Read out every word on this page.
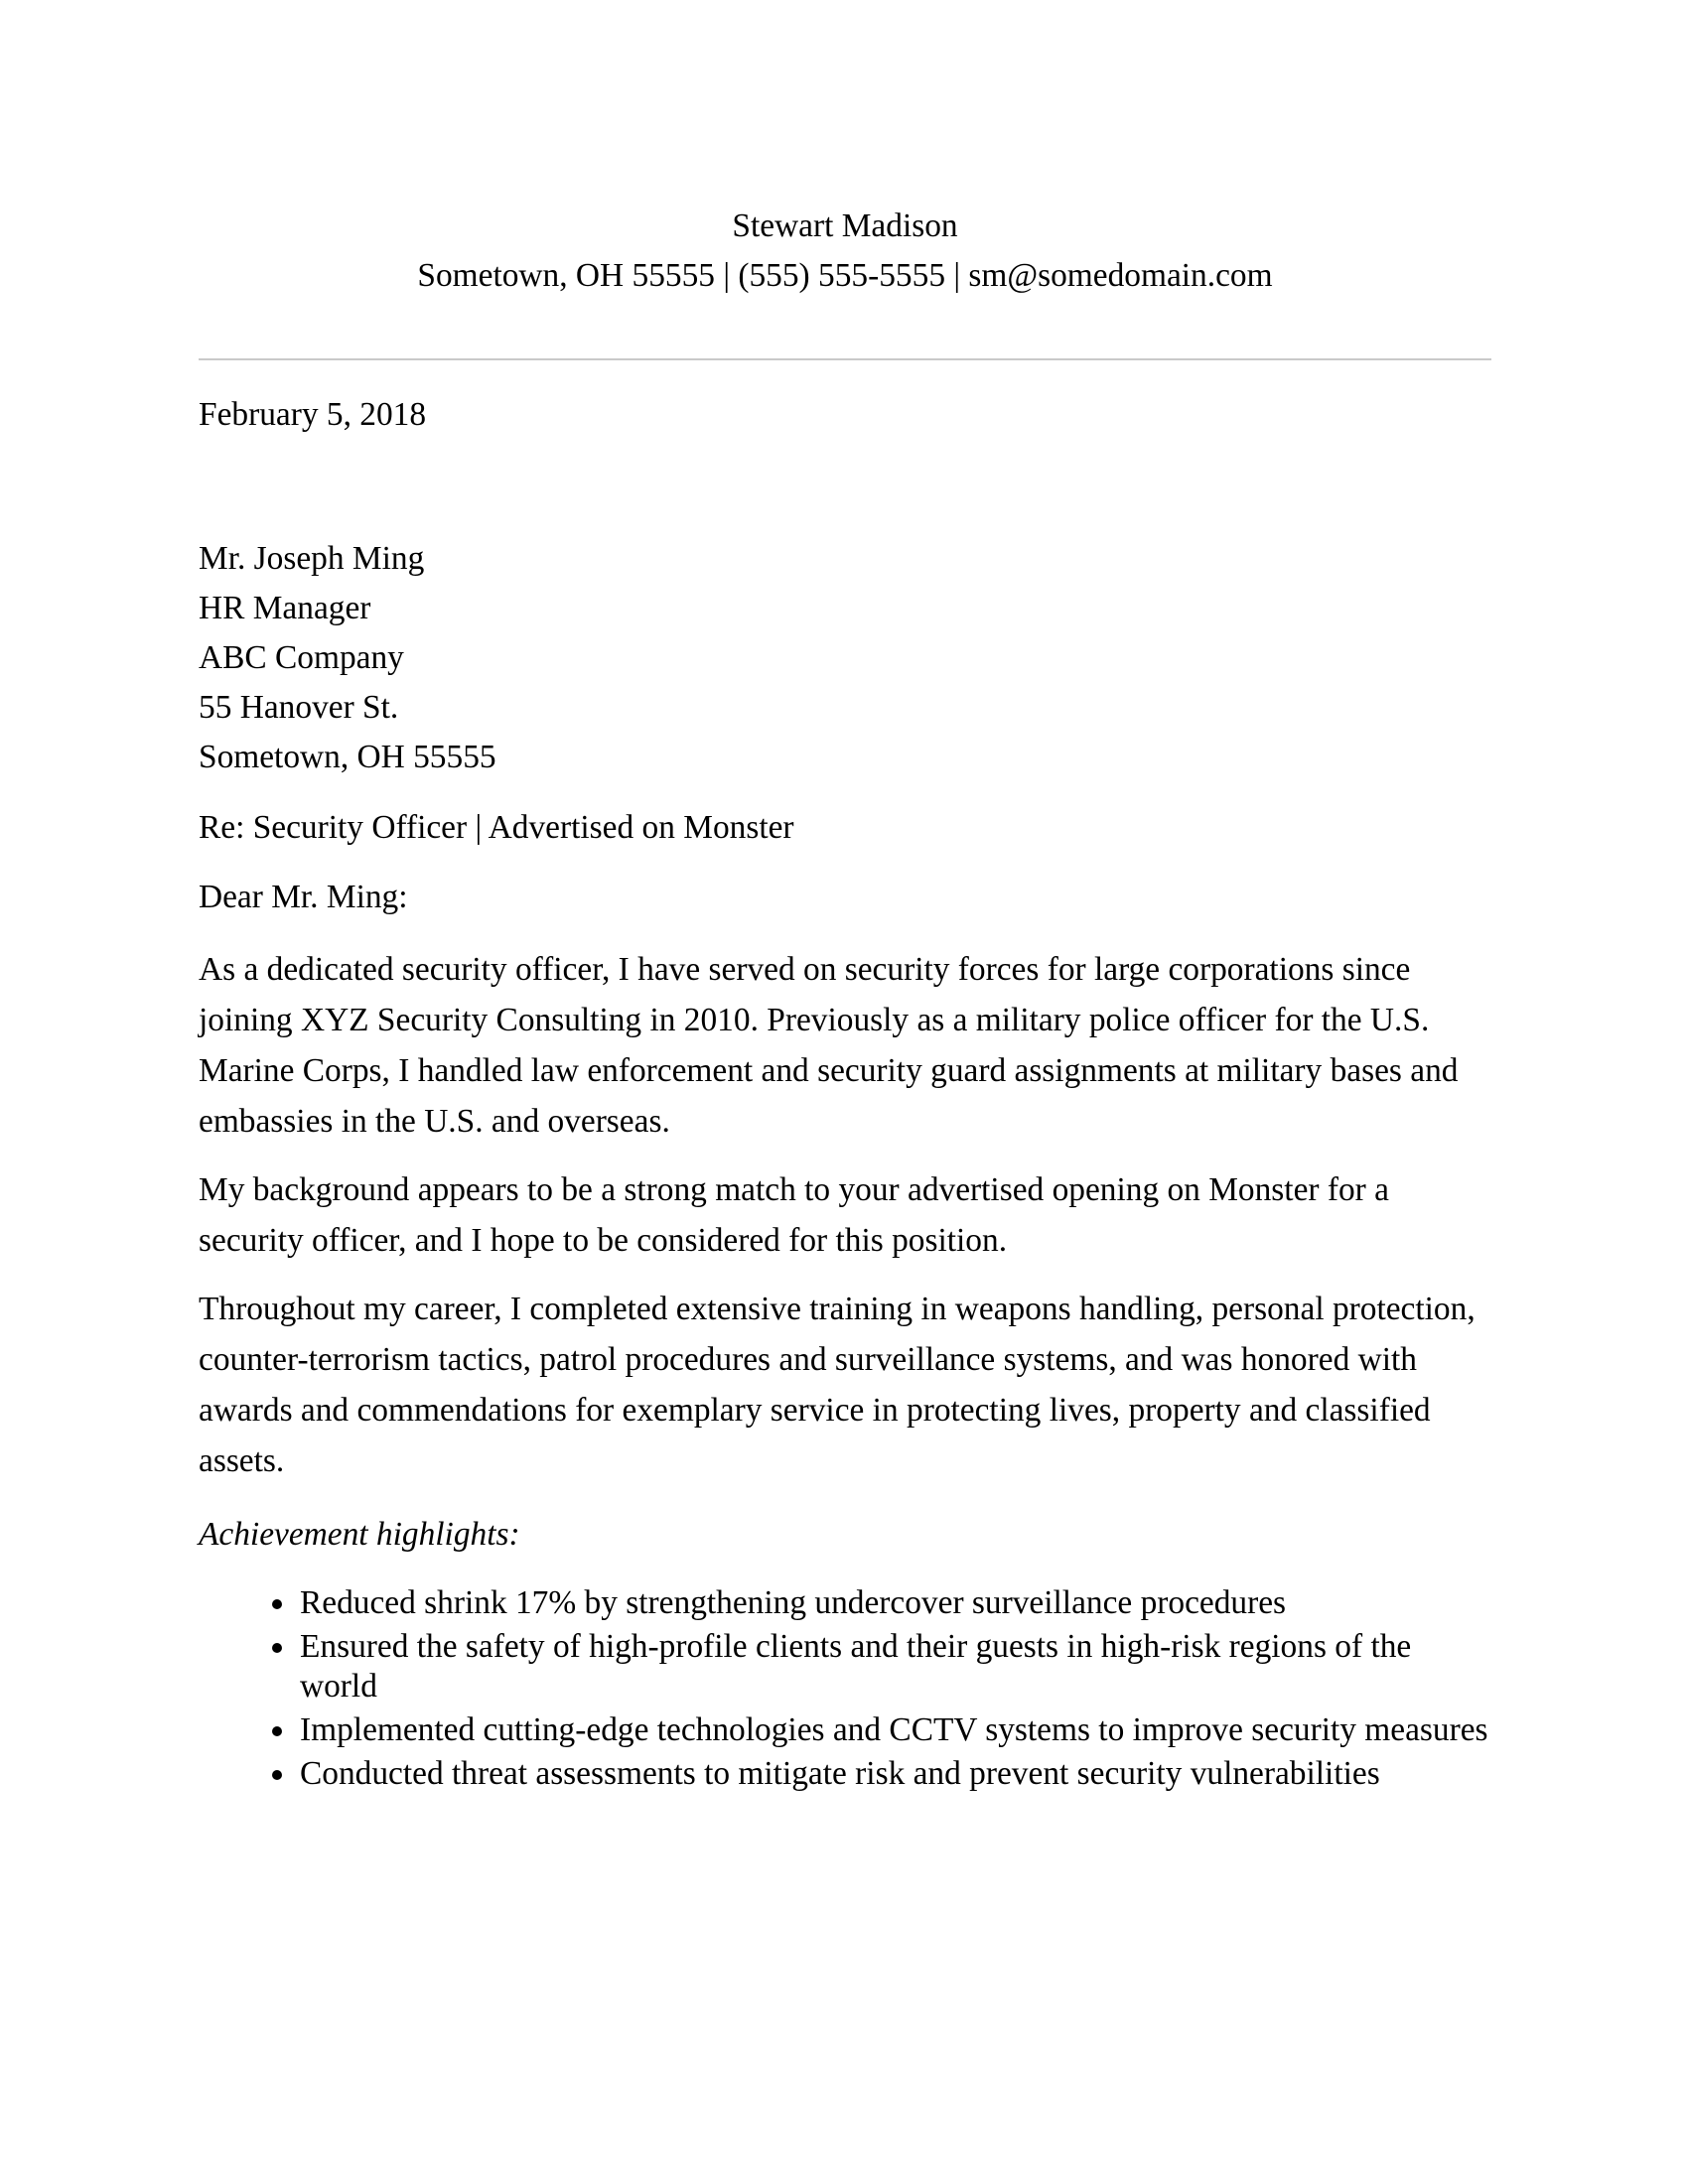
Stewart Madison
Sometown, OH 55555 | (555) 555-5555 | sm@somedomain.com
February 5, 2018
Mr. Joseph Ming
HR Manager
ABC Company
55 Hanover St.
Sometown, OH 55555
Re: Security Officer | Advertised on Monster
Dear Mr. Ming:

As a dedicated security officer, I have served on security forces for large corporations since joining XYZ Security Consulting in 2010. Previously as a military police officer for the U.S. Marine Corps, I handled law enforcement and security guard assignments at military bases and embassies in the U.S. and overseas.

My background appears to be a strong match to your advertised opening on Monster for a security officer, and I hope to be considered for this position.

Throughout my career, I completed extensive training in weapons handling, personal protection, counter-terrorism tactics, patrol procedures and surveillance systems, and was honored with awards and commendations for exemplary service in protecting lives, property and classified assets.

Achievement highlights:
• Reduced shrink 17% by strengthening undercover surveillance procedures
• Ensured the safety of high-profile clients and their guests in high-risk regions of the world
• Implemented cutting-edge technologies and CCTV systems to improve security measures
• Conducted threat assessments to mitigate risk and prevent security vulnerabilities
